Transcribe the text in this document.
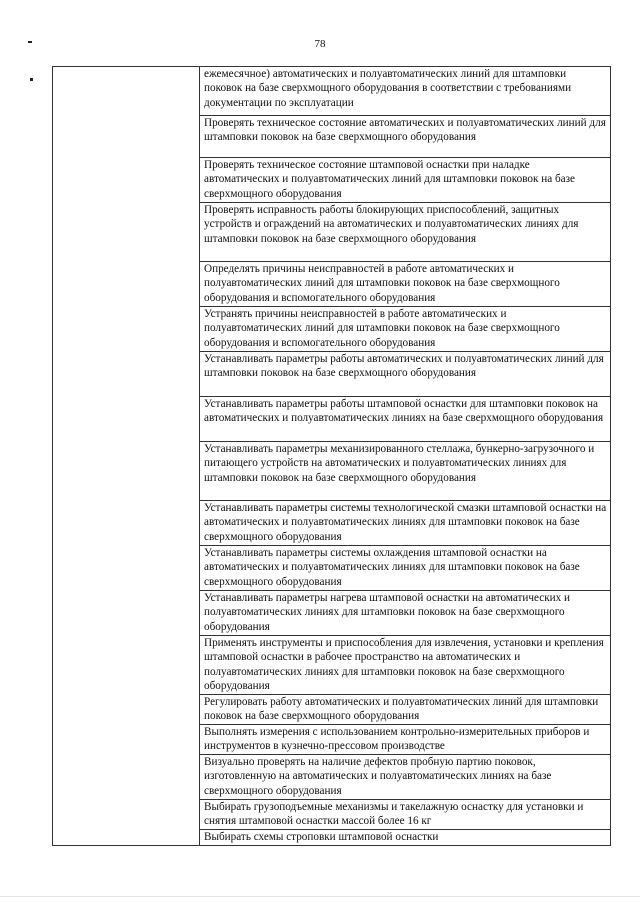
78
	ежемесячное) автоматических и полуавтоматических линий для штамповки поковок на базе сверхмощного оборудования в соответствии с требованиями документации по эксплуатации
Проверять техническое состояние автоматических и полуавтоматических линий для штамповки поковок на базе сверхмощного оборудования
Проверять техническое состояние штамповой оснастки при наладке автоматических и полуавтоматических линий для штамповки поковок на базе сверхмощного оборудования
Проверять исправность работы блокирующих приспособлений, защитных устройств и ограждений на автоматических и полуавтоматических линиях для штамповки поковок на базе сверхмощного оборудования
Определять причины неисправностей в работе автоматических и полуавтоматических линий для штамповки поковок на базе сверхмощного оборудования и вспомогательного оборудования
Устранять причины неисправностей в работе автоматических и полуавтоматических линий для штамповки поковок на базе сверхмощного оборудования и вспомогательного оборудования
Устанавливать параметры работы автоматических и полуавтоматических линий для штамповки поковок на базе сверхмощного оборудования
Устанавливать параметры работы штамповой оснастки для штамповки поковок на автоматических и полуавтоматических линиях на базе сверхмощного оборудования
Устанавливать параметры механизированного стеллажа, бункерно-загрузочного и питающего устройств на автоматических и полуавтоматических линиях для штамповки поковок на базе сверхмощного оборудования
Устанавливать параметры системы технологической смазки штамповой оснастки на автоматических и полуавтоматических линиях для штамповки поковок на базе сверхмощного оборудования
Устанавливать параметры системы охлаждения штамповой оснастки на автоматических и полуавтоматических линиях для штамповки поковок на базе сверхмощного оборудования
Устанавливать параметры нагрева штамповой оснастки на автоматических и полуавтоматических линиях для штамповки поковок на базе сверхмощного оборудования
Применять инструменты и приспособления для извлечения, установки и крепления штамповой оснастки в рабочее пространство на автоматических и полуавтоматических линиях для штамповки поковок на базе сверхмощного оборудования
Регулировать работу автоматических и полуавтоматических линий для штамповки поковок на базе сверхмощного оборудования
Выполнять измерения с использованием контрольно-измерительных приборов и инструментов в кузнечно-прессовом производстве
Визуально проверять на наличие дефектов пробную партию поковок, изготовленную на автоматических и полуавтоматических линиях на базе сверхмощного оборудования
Выбирать грузоподъемные механизмы и такелажную оснастку для установки и снятия штамповой оснастки массой более 16 кг
Выбирать схемы строповки штамповой оснастки
